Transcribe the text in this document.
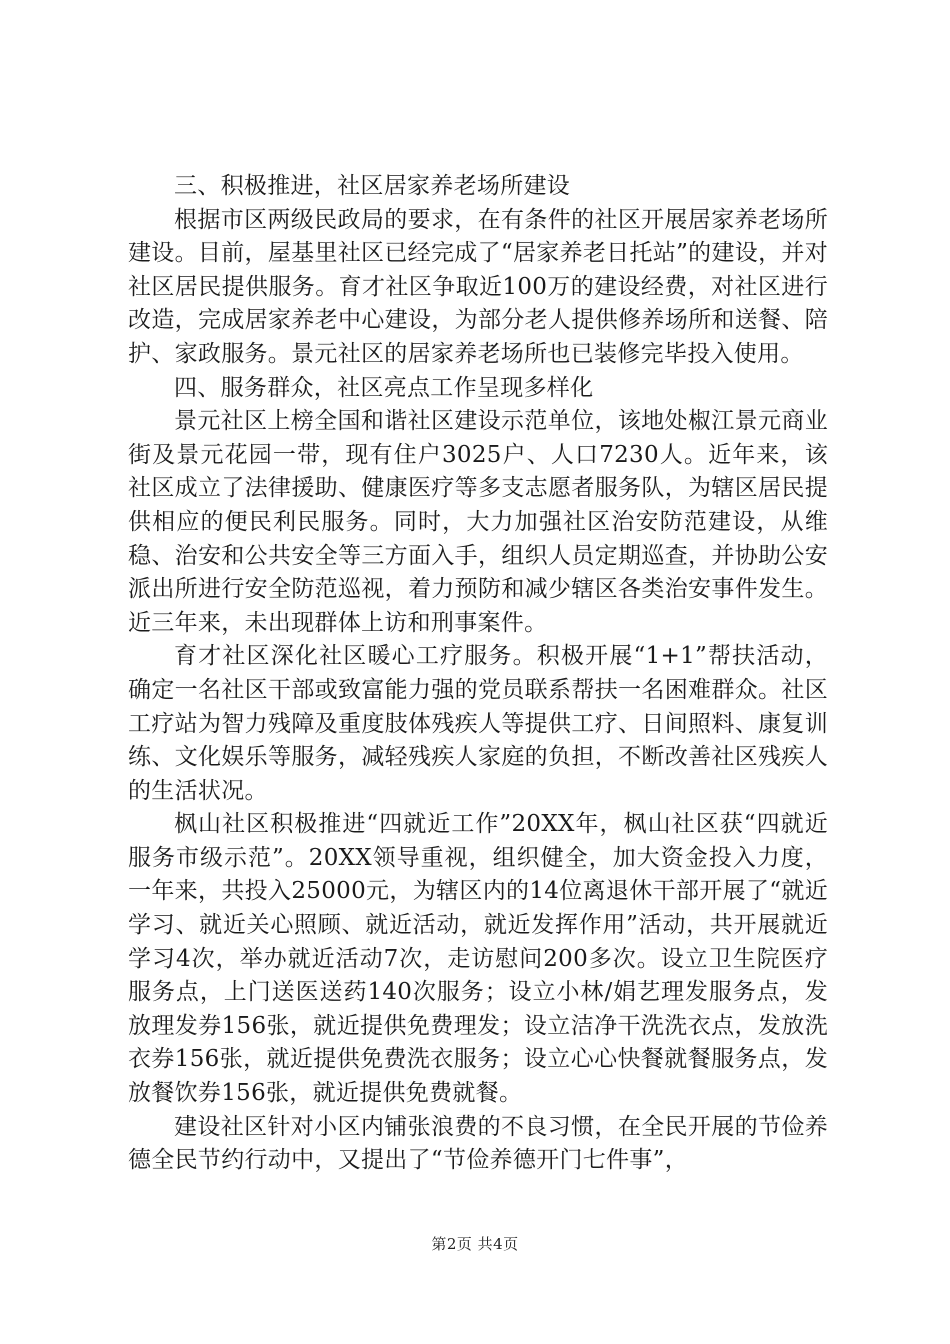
三、积极推进，社区居家养老场所建设

根据市区两级民政局的要求，在有条件的社区开展居家养老场所建设。目前，屋基里社区已经完成了“居家养老日托站”的建设，并对社区居民提供服务。育才社区争取近100万的建设经费，对社区进行改造，完成居家养老中心建设，为部分老人提供修养场所和送餐、陪护、家政服务。景元社区的居家养老场所也已装修完毕投入使用。

四、服务群众，社区亮点工作呈现多样化

景元社区上榜全国和谐社区建设示范单位，该地处椒江景元商业街及景元花园一带，现有住户3025户、人口7230人。近年来，该社区成立了法律援助、健康医疗等多支志愿者服务队，为辖区居民提供相应的便民利民服务。同时，大力加强社区治安防范建设，从维稳、治安和公共安全等三方面入手，组织人员定期巡查，并协助公安派出所进行安全防范巡视，着力预防和减少辖区各类治安事件发生。近三年来，未出现群体上访和刑事案件。

育才社区深化社区暖心工疗服务。积极开展“1+1”帮扶活动，确定一名社区干部或致富能力强的党员联系帮扶一名困难群众。社区工疗站为智力残障及重度肢体残疾人等提供工疗、日间照料、康复训练、文化娱乐等服务，减轻残疾人家庭的负担，不断改善社区残疾人的生活状况。

枫山社区积极推进“四就近工作”20XX年，枫山社区获“四就近服务市级示范”。20XX领导重视，组织健全，加大资金投入力度，一年来，共投入25000元，为辖区内的14位离退休干部开展了“就近学习、就近关心照顾、就近活动，就近发挥作用”活动，共开展就近学习4次，举办就近活动7次，走访慰问200多次。设立卫生院医疗服务点，上门送医送药140次服务；设立小林/娟艺理发服务点，发放理发券156张，就近提供免费理发；设立洁净干洗洗衣点，发放洗衣券156张，就近提供免费洗衣服务；设立心心快餐就餐服务点，发放餐饮券156张，就近提供免费就餐。

建设社区针对小区内铺张浪费的不良习惯，在全民开展的节俭养德全民节约行动中，又提出了“节俭养德开门七件事”，

第2页 共4页
